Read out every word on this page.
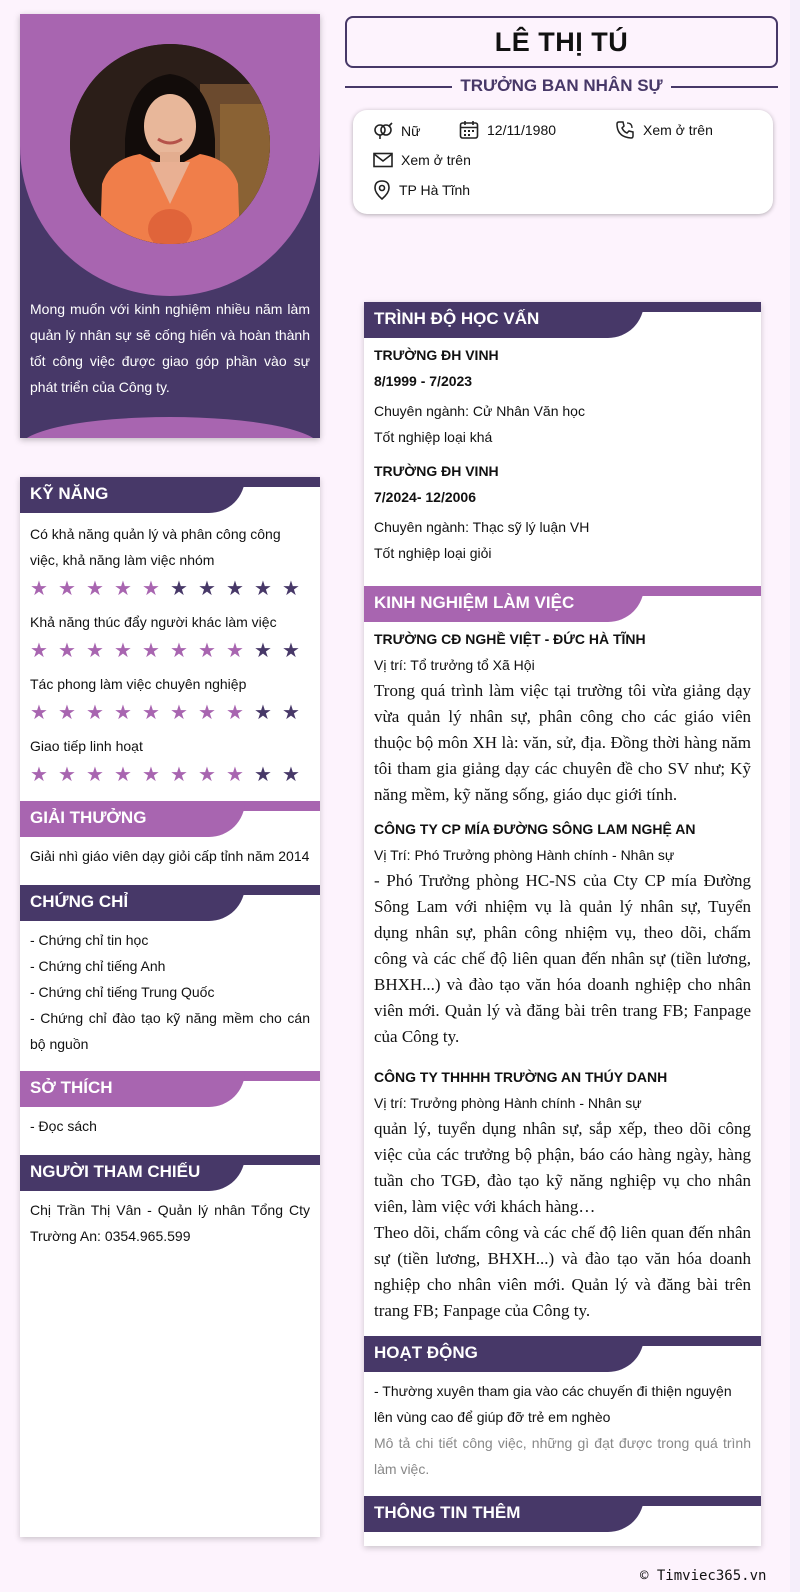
Mong muốn với kinh nghiệm nhiều năm làm quản lý nhân sự sẽ cống hiến và hoàn thành tốt công việc được giao góp phần vào sự phát triển của Công ty.
KỸ NĂNG
Có khả năng quản lý và phân công công việc, khả năng làm việc nhóm
★ ★ ★ ★ ★ ★ ★ ★ ★ ★
Khả năng thúc đẩy người khác làm việc
★ ★ ★ ★ ★ ★ ★ ★ ★ ★
Tác phong làm việc chuyên nghiệp
★ ★ ★ ★ ★ ★ ★ ★ ★ ★
Giao tiếp linh hoạt
★ ★ ★ ★ ★ ★ ★ ★ ★ ★
GIẢI THƯỞNG
Giải nhì giáo viên dạy giỏi cấp tỉnh năm 2014
CHỨNG CHỈ
- Chứng chỉ tin học
- Chứng chỉ tiếng Anh
- Chứng chỉ tiếng Trung Quốc
- Chứng chỉ đào tạo kỹ năng mềm cho cán bộ nguồn
SỞ THÍCH
- Đọc sách
NGƯỜI THAM CHIẾU
Chị Trần Thị Vân - Quản lý nhân Tổng Cty Trường An: 0354.965.599
LÊ THỊ TÚ
TRƯỞNG BAN NHÂN SỰ
Nữ	12/11/1980	Xem ở trên
Xem ở trên
TP Hà Tĩnh
TRÌNH ĐỘ HỌC VẤN
TRƯỜNG ĐH VINH
8/1999 - 7/2023
Chuyên ngành: Cử Nhân Văn học
Tốt nghiệp loại khá
TRƯỜNG ĐH VINH
7/2024- 12/2006
Chuyên ngành: Thạc sỹ lý luận VH
Tốt nghiệp loại giỏi
KINH NGHIỆM LÀM VIỆC
TRƯỜNG CĐ NGHỀ VIỆT - ĐỨC HÀ TĨNH
Vị trí: Tổ trưởng tổ Xã Hội
Trong quá trình làm việc tại trường tôi vừa giảng dạy vừa quản lý nhân sự, phân công cho các giáo viên thuộc bộ môn XH là: văn, sử, địa. Đồng thời hàng năm tôi tham gia giảng dạy các chuyên đề cho SV như; Kỹ năng mềm, kỹ năng sống, giáo dục giới tính.
CÔNG TY CP MÍA ĐƯỜNG SÔNG LAM NGHỆ AN
Vị Trí: Phó Trưởng phòng Hành chính - Nhân sự
- Phó Trưởng phòng HC-NS của Cty CP mía Đường Sông Lam với nhiệm vụ là quản lý nhân sự, Tuyển dụng nhân sự, phân công nhiệm vụ, theo dõi, chấm công và các chế độ liên quan đến nhân sự (tiền lương, BHXH...) và đào tạo văn hóa doanh nghiệp cho nhân viên mới. Quản lý và đăng bài trên trang FB; Fanpage của Công ty.
CÔNG TY THHHH TRƯỜNG AN THÚY DANH
Vị trí: Trưởng phòng Hành chính - Nhân sự
quản lý, tuyển dụng nhân sự, sắp xếp, theo dõi công việc của các trưởng bộ phận, báo cáo hàng ngày, hàng tuần cho TGĐ, đào tạo kỹ năng nghiệp vụ cho nhân viên, làm việc với khách hàng…
Theo dõi, chấm công và các chế độ liên quan đến nhân sự (tiền lương, BHXH...) và đào tạo văn hóa doanh nghiệp cho nhân viên mới. Quản lý và đăng bài trên trang FB; Fanpage của Công ty.
HOẠT ĐỘNG
- Thường xuyên tham gia vào các chuyến đi thiện nguyện lên vùng cao để giúp đỡ trẻ em nghèo
Mô tả chi tiết công việc, những gì đạt được trong quá trình làm việc.
THÔNG TIN THÊM
© Timviec365.vn
